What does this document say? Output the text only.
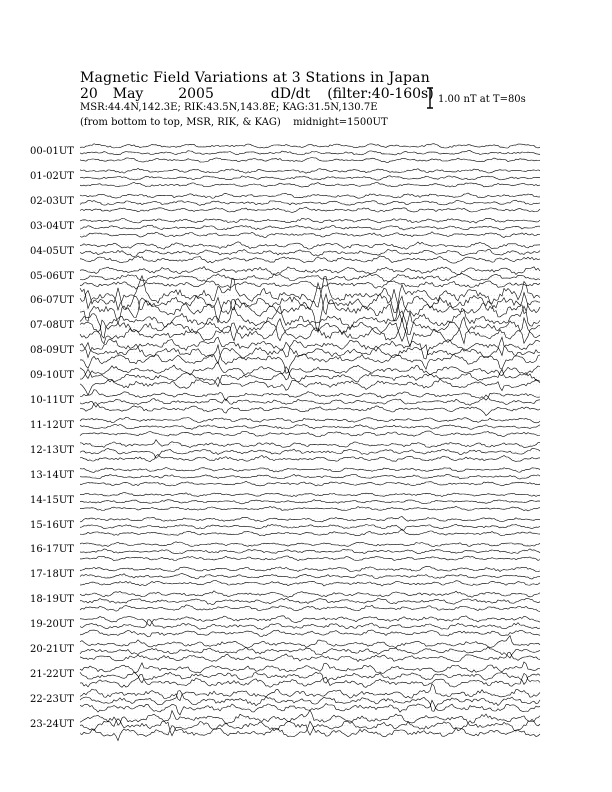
Magnetic Field Variations at 3 Stations in Japan
20 May 2005	dD/dt (filter:40-160s)
MSR:44.4N,142.3E; RIK:43.5N,143.8E; KAG:31.5N,130.7E
(from bottom to top, MSR, RIK, & KAG) midnight=1500UT
1.00 nT at T=80s
00-01UT
01-02UT
02-03UT
03-04UT
04-05UT
05-06UT
06-07UT
07-08UT
08-09UT
09-10UT
10-11UT
11-12UT
12-13UT
13-14UT
14-15UT
15-16UT
16-17UT
17-18UT
18-19UT
19-20UT
20-21UT
21-22UT
22-23UT
23-24UT
